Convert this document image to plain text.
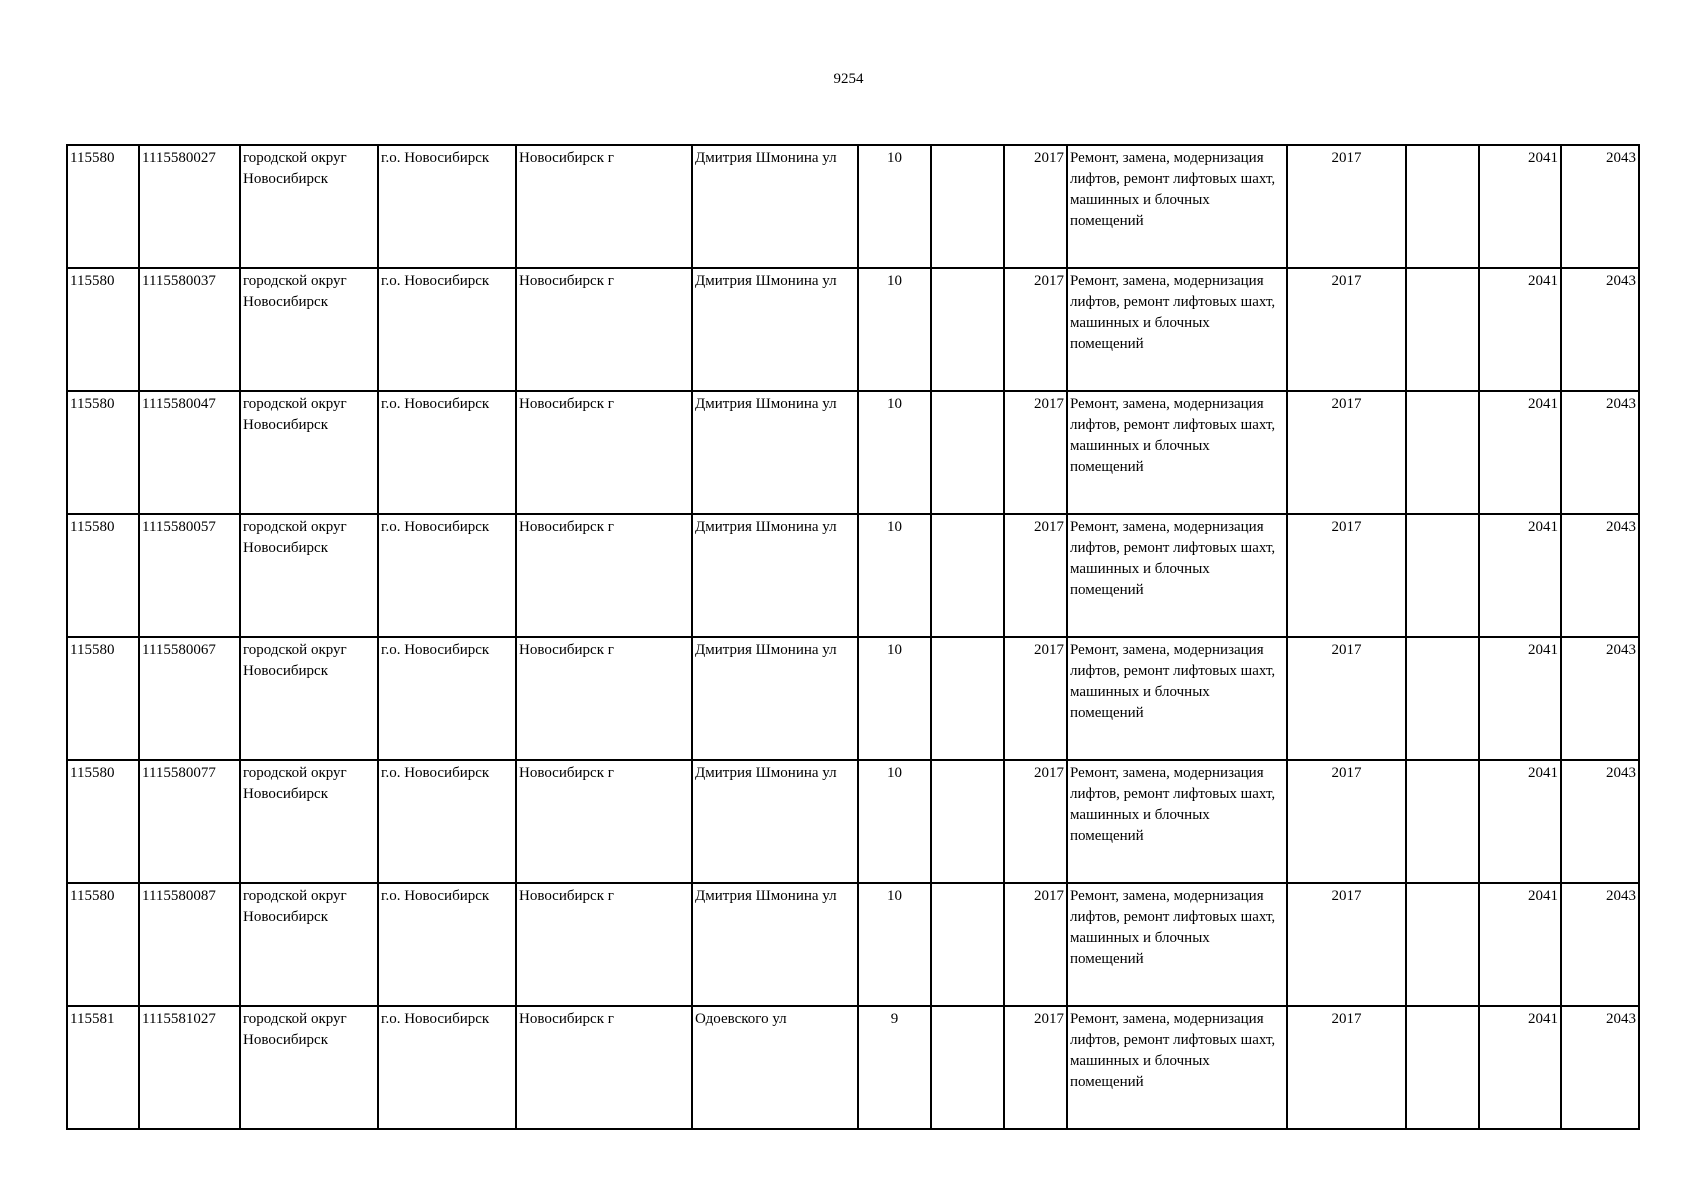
9254
115580	1115580027	городской округ Новосибирск	г.о. Новосибирск	Новосибирск г	Дмитрия Шмонина ул	10		2017	Ремонт, замена, модернизация лифтов, ремонт лифтовых шахт, машинных и блочных помещений	2017		2041	2043
115580	1115580037	городской округ Новосибирск	г.о. Новосибирск	Новосибирск г	Дмитрия Шмонина ул	10		2017	Ремонт, замена, модернизация лифтов, ремонт лифтовых шахт, машинных и блочных помещений	2017		2041	2043
115580	1115580047	городской округ Новосибирск	г.о. Новосибирск	Новосибирск г	Дмитрия Шмонина ул	10		2017	Ремонт, замена, модернизация лифтов, ремонт лифтовых шахт, машинных и блочных помещений	2017		2041	2043
115580	1115580057	городской округ Новосибирск	г.о. Новосибирск	Новосибирск г	Дмитрия Шмонина ул	10		2017	Ремонт, замена, модернизация лифтов, ремонт лифтовых шахт, машинных и блочных помещений	2017		2041	2043
115580	1115580067	городской округ Новосибирск	г.о. Новосибирск	Новосибирск г	Дмитрия Шмонина ул	10		2017	Ремонт, замена, модернизация лифтов, ремонт лифтовых шахт, машинных и блочных помещений	2017		2041	2043
115580	1115580077	городской округ Новосибирск	г.о. Новосибирск	Новосибирск г	Дмитрия Шмонина ул	10		2017	Ремонт, замена, модернизация лифтов, ремонт лифтовых шахт, машинных и блочных помещений	2017		2041	2043
115580	1115580087	городской округ Новосибирск	г.о. Новосибирск	Новосибирск г	Дмитрия Шмонина ул	10		2017	Ремонт, замена, модернизация лифтов, ремонт лифтовых шахт, машинных и блочных помещений	2017		2041	2043
115581	1115581027	городской округ Новосибирск	г.о. Новосибирск	Новосибирск г	Одоевского ул	9		2017	Ремонт, замена, модернизация лифтов, ремонт лифтовых шахт, машинных и блочных помещений	2017		2041	2043
